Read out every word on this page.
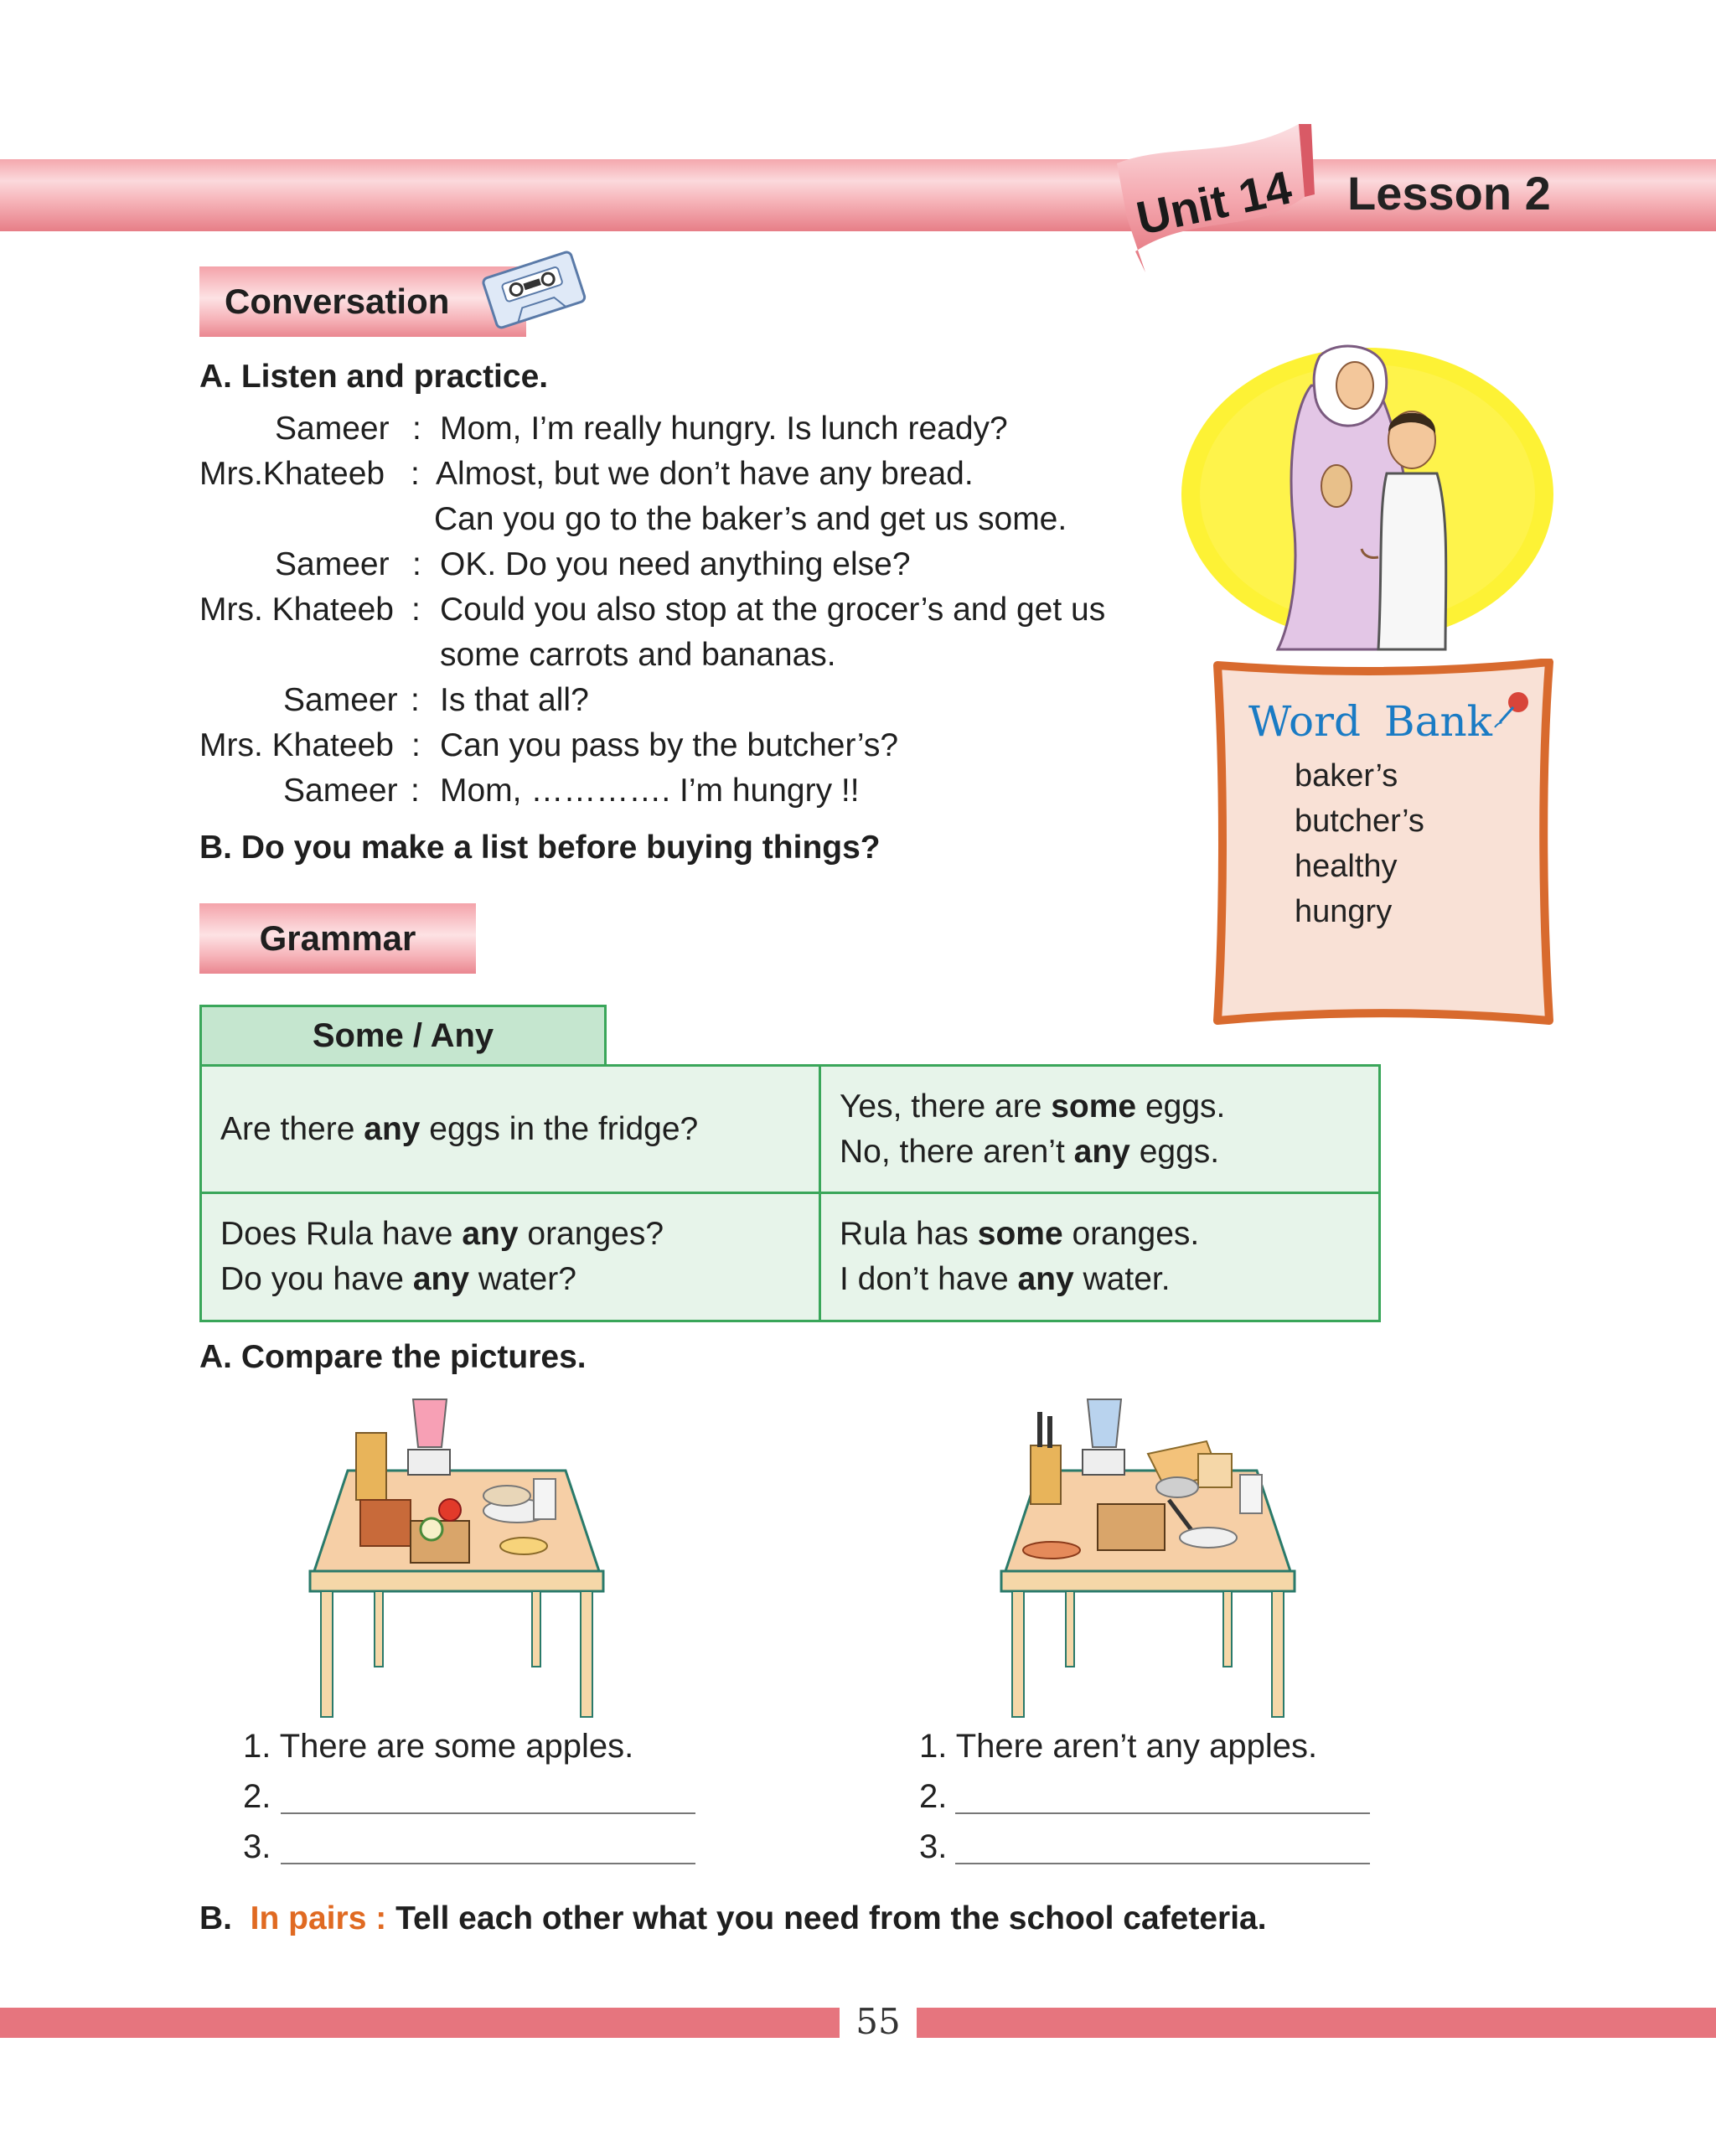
Unit 14 Lesson 2
Conversation
A. Listen and practice.
Sameer : Mom, I’m really hungry. Is lunch ready?
Mrs.Khateeb : Almost, but we don’t have any bread.
Can you go to the baker’s and get us some.
Sameer : OK. Do you need anything else?
Mrs. Khateeb : Could you also stop at the grocer’s and get us
some carrots and bananas.
Sameer : Is that all?
Mrs. Khateeb : Can you pass by the butcher’s?
Sameer : Mom, …………. I’m hungry !!
B. Do you make a list before buying things?
Word Bank
baker’s
butcher’s
healthy
hungry
Grammar
Some / Any
Are there any eggs in the fridge?
Yes, there are some eggs.
No, there aren’t any eggs.
Does Rula have any oranges?
Do you have any water?
Rula has some oranges.
I don’t have any water.
A. Compare the pictures.
1. There are some apples.
2.
3.
1. There aren’t any apples.
2.
3.
B. In pairs : Tell each other what you need from the school cafeteria.
55
